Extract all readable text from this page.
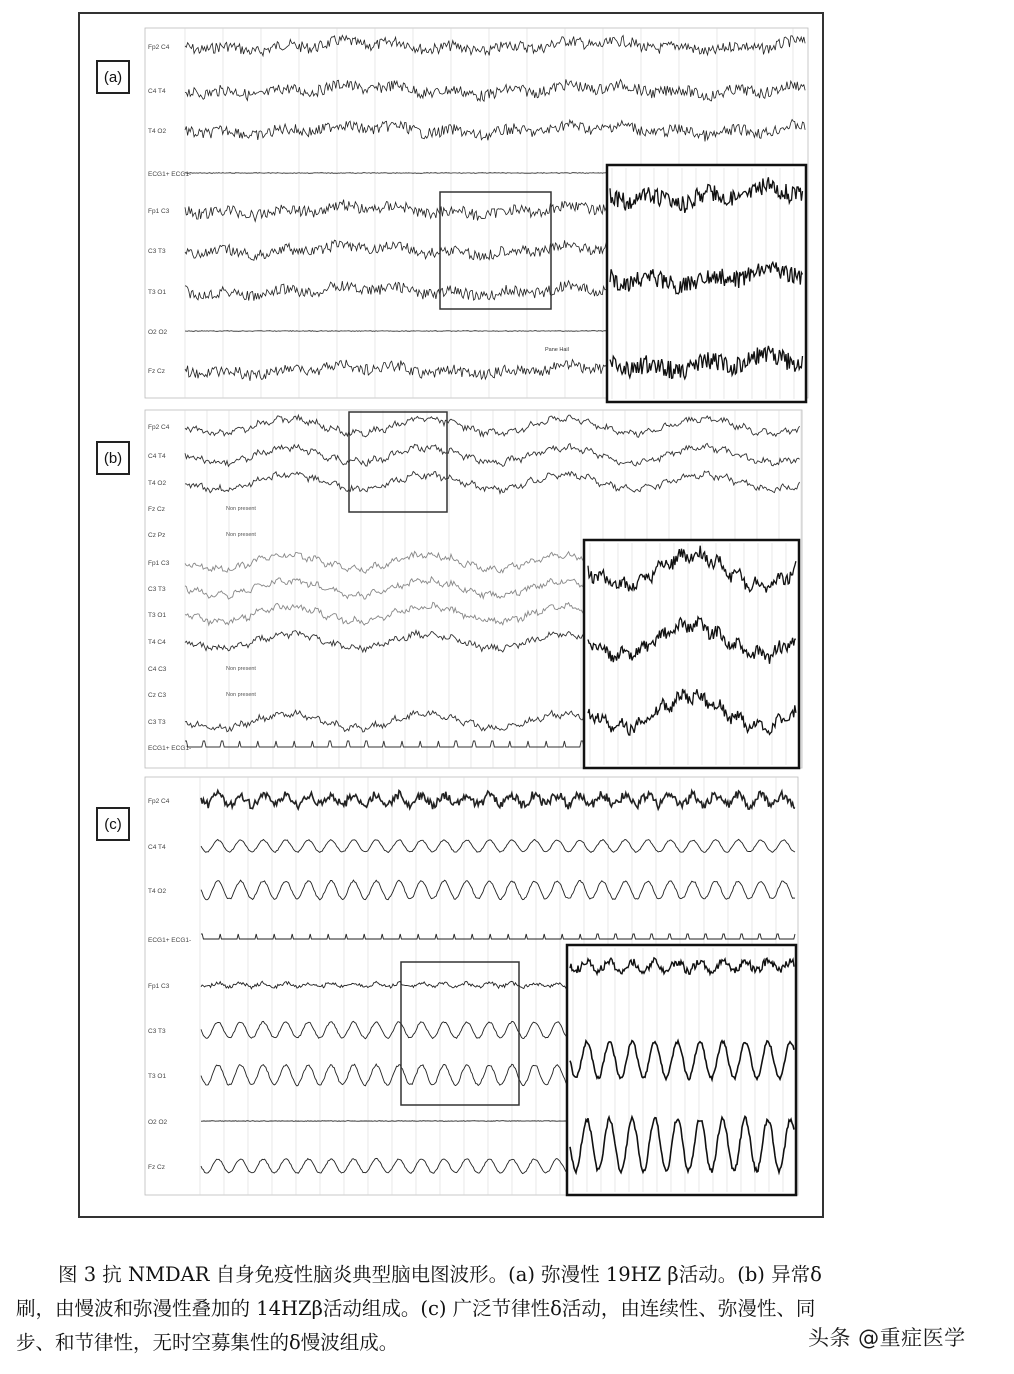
(a)
(b)
(c)
Fp2 C4
C4 T4
T4 O2
ECG1+ ECG1-
Fp1 C3
C3 T3
T3 O1
O2 O2
Fz Cz
Pane Hail
Fp2 C4
C4 T4
T4 O2
Fz Cz	Non present
Cz Pz	Non present
Fp1 C3
C3 T3
T3 O1
T4 C4
C4 C3	Non present
Cz C3	Non present
C3 T3
ECG1+ ECG1-
Fp2 C4
C4 T4
T4 O2
ECG1+ ECG1-
Fp1 C3
C3 T3
T3 O1
O2 O2
Fz Cz
图 3 抗 NMDAR 自身免疫性脑炎典型脑电图波形。(a) 弥漫性 19HZ β活动。(b) 异常δ
刷，由慢波和弥漫性叠加的 14HZβ活动组成。(c) 广泛节律性δ活动，由连续性、弥漫性、同
步、和节律性，无时空募集性的δ慢波组成。	头条 @重症医学
